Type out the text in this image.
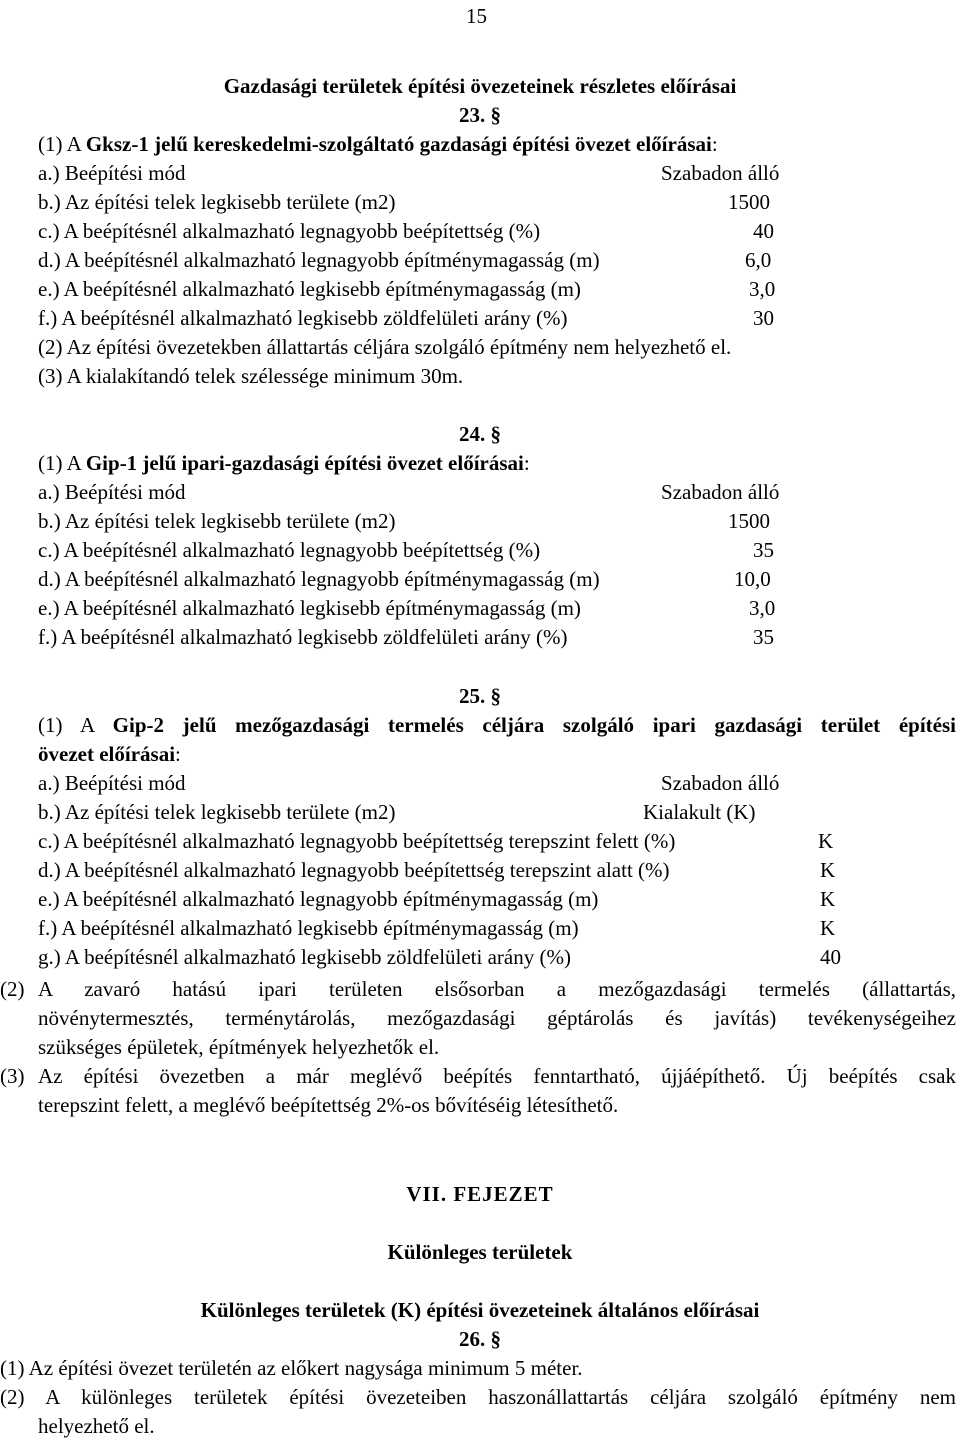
15
Gazdasági területek építési övezeteinek részletes előírásai
23. §
(1) A Gksz-1 jelű kereskedelmi-szolgáltató gazdasági építési övezet előírásai:
a.) Beépítési mód	Szabadon álló
b.) Az építési telek legkisebb területe (m2)	1500
c.) A beépítésnél alkalmazható legnagyobb beépítettség (%)	40
d.) A beépítésnél alkalmazható legnagyobb építménymagasság (m)	6,0
e.) A beépítésnél alkalmazható legkisebb építménymagasság (m)	3,0
f.) A beépítésnél alkalmazható legkisebb zöldfelületi arány (%)	30
(2) Az építési övezetekben állattartás céljára szolgáló építmény nem helyezhető el.
(3) A kialakítandó telek szélessége minimum 30m.
24. §
(1) A Gip-1 jelű ipari-gazdasági építési övezet előírásai:
a.) Beépítési mód	Szabadon álló
b.) Az építési telek legkisebb területe (m2)	1500
c.) A beépítésnél alkalmazható legnagyobb beépítettség (%)	35
d.) A beépítésnél alkalmazható legnagyobb építménymagasság (m)	10,0
e.) A beépítésnél alkalmazható legkisebb építménymagasság (m)	3,0
f.) A beépítésnél alkalmazható legkisebb zöldfelületi arány (%)	35
25. §
(1) A Gip-2 jelű mezőgazdasági termelés céljára szolgáló ipari gazdasági terület építési
övezet előírásai:
a.) Beépítési mód	Szabadon álló
b.) Az építési telek legkisebb területe (m2)	Kialakult (K)
c.) A beépítésnél alkalmazható legnagyobb beépítettség terepszint felett (%)	K
d.) A beépítésnél alkalmazható legnagyobb beépítettség terepszint alatt (%)	K
e.) A beépítésnél alkalmazható legnagyobb építménymagasság (m)	K
f.) A beépítésnél alkalmazható legkisebb építménymagasság (m)	K
g.) A beépítésnél alkalmazható legkisebb zöldfelületi arány (%)	40
(2) A zavaró hatású ipari területen elsősorban a mezőgazdasági termelés (állattartás,
növénytermesztés, terménytárolás, mezőgazdasági géptárolás és javítás) tevékenységeihez
szükséges épületek, építmények helyezhetők el.
(3) Az építési övezetben a már meglévő beépítés fenntartható, újjáépíthető. Új beépítés csak
terepszint felett, a meglévő beépítettség 2%-os bővítéséig létesíthető.
VII. FEJEZET
Különleges területek
Különleges területek (K) építési övezeteinek általános előírásai
26. §
(1) Az építési övezet területén az előkert nagysága minimum 5 méter.
(2) A különleges területek építési övezeteiben haszonállattartás céljára szolgáló építmény nem
helyezhető el.
